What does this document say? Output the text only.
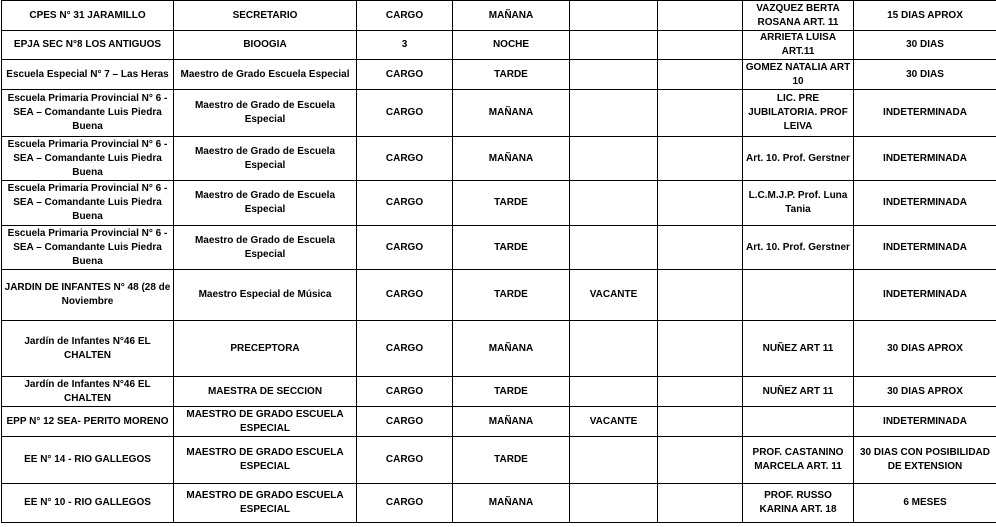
CPES N° 31 JARAMILLO	SECRETARIO	CARGO	MAÑANA			VAZQUEZ BERTA ROSANA ART. 11	15 DIAS APROX
EPJA SEC N°8 LOS ANTIGUOS	BIOOGIA	3	NOCHE			ARRIETA LUISA ART.11	30 DIAS
Escuela Especial N° 7 – Las Heras	Maestro de Grado Escuela Especial	CARGO	TARDE			GOMEZ NATALIA ART 10	30 DIAS
Escuela Primaria Provincial N° 6 - SEA – Comandante Luis Piedra Buena	Maestro de Grado de Escuela Especial	CARGO	MAÑANA			LIC. PRE JUBILATORIA. PROF LEIVA	INDETERMINADA
Escuela Primaria Provincial N° 6 - SEA – Comandante Luis Piedra Buena	Maestro de Grado de Escuela Especial	CARGO	MAÑANA			Art. 10. Prof. Gerstner	INDETERMINADA
Escuela Primaria Provincial N° 6 - SEA – Comandante Luis Piedra Buena	Maestro de Grado de Escuela Especial	CARGO	TARDE			L.C.M.J.P. Prof. Luna Tania	INDETERMINADA
Escuela Primaria Provincial N° 6 - SEA – Comandante Luis Piedra Buena	Maestro de Grado de Escuela Especial	CARGO	TARDE			Art. 10. Prof. Gerstner	INDETERMINADA
JARDIN DE INFANTES N° 48 (28 de Noviembre	Maestro Especial de Música	CARGO	TARDE	VACANTE			INDETERMINADA
Jardín de Infantes N°46 EL CHALTEN	PRECEPTORA	CARGO	MAÑANA			NUÑEZ ART 11	30 DIAS APROX
Jardín de Infantes N°46 EL CHALTEN	MAESTRA DE SECCION	CARGO	TARDE			NUÑEZ ART 11	30 DIAS APROX
EPP N° 12 SEA- PERITO MORENO	MAESTRO DE GRADO ESCUELA ESPECIAL	CARGO	MAÑANA	VACANTE			INDETERMINADA
EE N° 14 - RIO GALLEGOS	MAESTRO DE GRADO ESCUELA ESPECIAL	CARGO	TARDE			PROF. CASTANINO MARCELA ART. 11	30 DIAS CON POSIBILIDAD DE EXTENSION
EE N° 10 - RIO GALLEGOS	MAESTRO DE GRADO ESCUELA ESPECIAL	CARGO	MAÑANA			PROF. RUSSO KARINA ART. 18	6 MESES
